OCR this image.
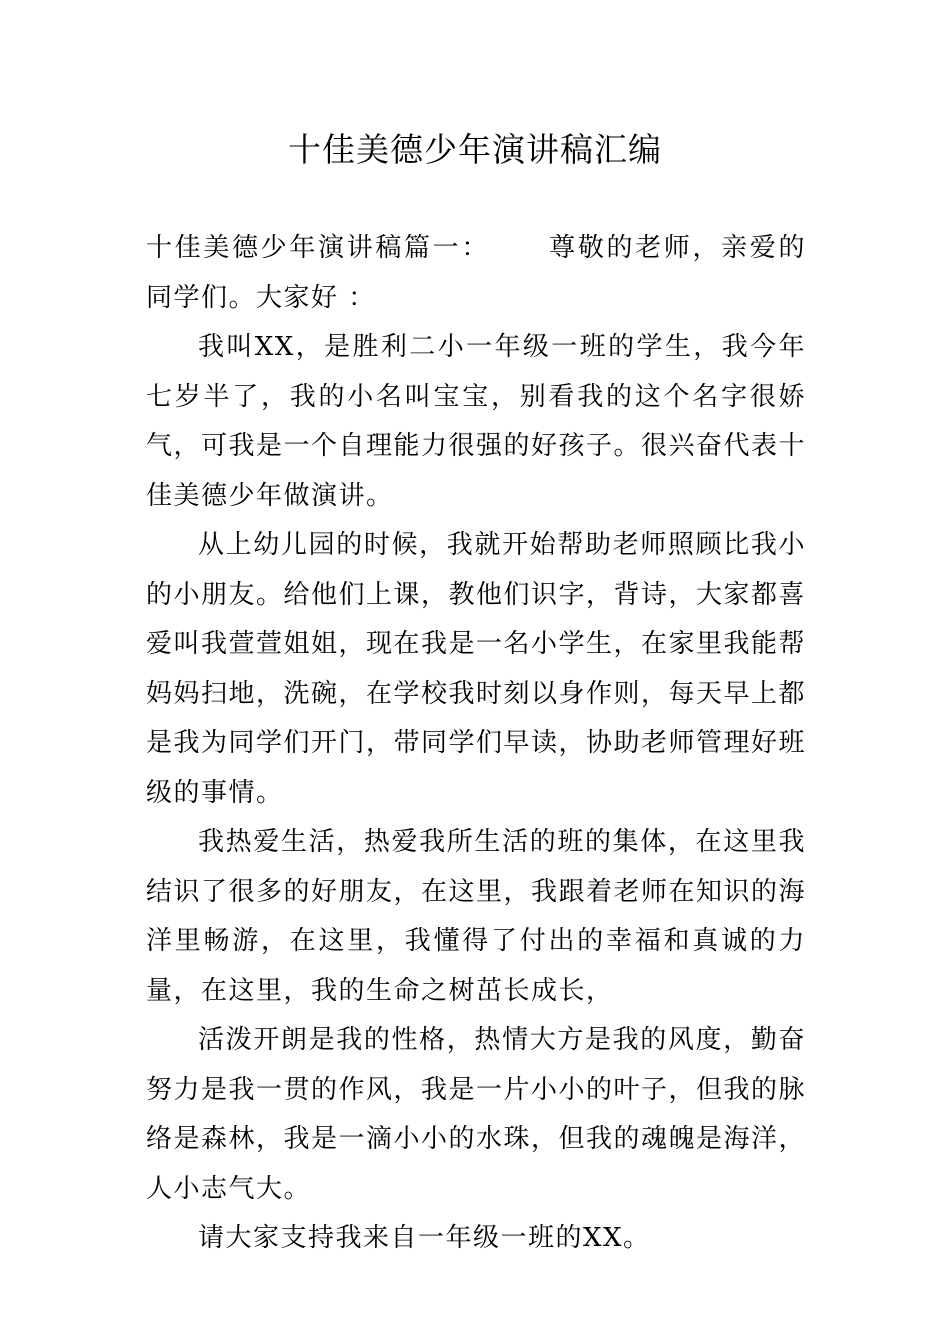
十佳美德少年演讲稿汇编

十佳美德少年演讲稿篇一： 尊敬的老师，亲爱的同学们。大家好 ：

我叫XX，是胜利二小一年级一班的学生，我今年七岁半了，我的小名叫宝宝，别看我的这个名字很娇气，可我是一个自理能力很强的好孩子。很兴奋代表十佳美德少年做演讲。

从上幼儿园的时候，我就开始帮助老师照顾比我小的小朋友。给他们上课，教他们识字，背诗，大家都喜爱叫我萱萱姐姐，现在我是一名小学生，在家里我能帮妈妈扫地，洗碗，在学校我时刻以身作则，每天早上都是我为同学们开门，带同学们早读，协助老师管理好班级的事情。

我热爱生活，热爱我所生活的班的集体，在这里我结识了很多的好朋友，在这里，我跟着老师在知识的海洋里畅游，在这里，我懂得了付出的幸福和真诚的力量，在这里，我的生命之树茁长成长，

活泼开朗是我的性格，热情大方是我的风度，勤奋努力是我一贯的作风，我是一片小小的叶子，但我的脉络是森林，我是一滴小小的水珠，但我的魂魄是海洋，人小志气大。

请大家支持我来自一年级一班的XX。
